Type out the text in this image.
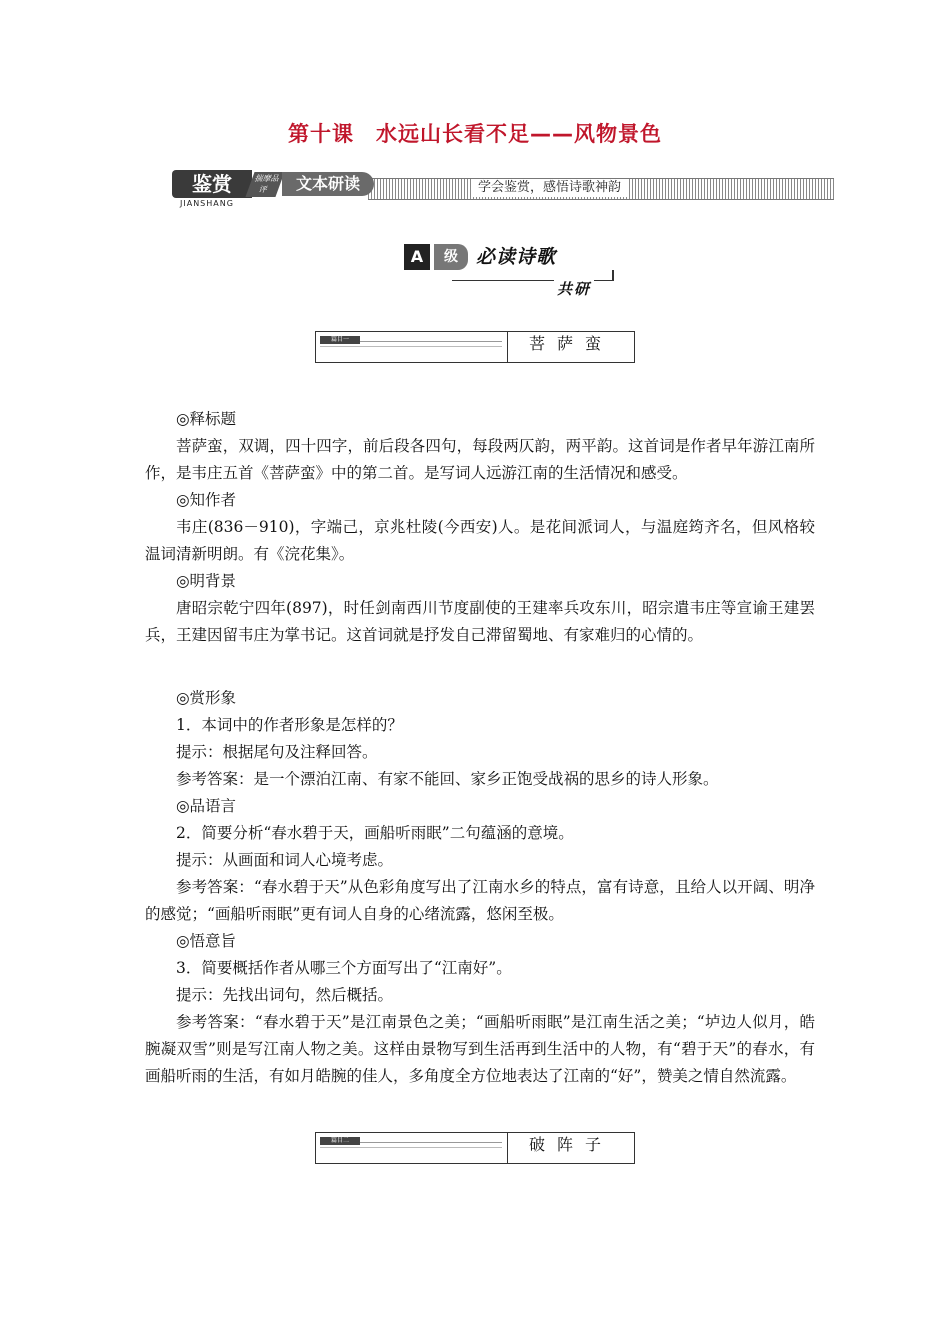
第十课　水远山长看不足——风物景色
鉴赏
JIANSHANG
揣摩品评	文本研读	学会鉴赏，感悟诗歌神韵
A	级 必读诗歌
共研
篇目一	菩萨蛮

◎释标题

菩萨蛮，双调，四十四字，前后段各四句，每段两仄韵，两平韵。这首词是作者早年游江南所作，是韦庄五首《菩萨蛮》中的第二首。是写词人远游江南的生活情况和感受。

◎知作者

韦庄(836－910)，字端己，京兆杜陵(今西安)人。是花间派词人，与温庭筠齐名，但风格较温词清新明朗。有《浣花集》。

◎明背景

唐昭宗乾宁四年(897)，时任剑南西川节度副使的王建率兵攻东川，昭宗遣韦庄等宣谕王建罢兵，王建因留韦庄为掌书记。这首词就是抒发自己滞留蜀地、有家难归的心情的。

◎赏形象

1．本词中的作者形象是怎样的？

提示：根据尾句及注释回答。

参考答案：是一个漂泊江南、有家不能回、家乡正饱受战祸的思乡的诗人形象。

◎品语言

2．简要分析“春水碧于天，画船听雨眠”二句蕴涵的意境。

提示：从画面和词人心境考虑。

参考答案：“春水碧于天”从色彩角度写出了江南水乡的特点，富有诗意，且给人以开阔、明净的感觉；“画船听雨眠”更有词人自身的心绪流露，悠闲至极。

◎悟意旨

3．简要概括作者从哪三个方面写出了“江南好”。

提示：先找出词句，然后概括。

参考答案：“春水碧于天”是江南景色之美；“画船听雨眠”是江南生活之美；“垆边人似月，皓腕凝双雪”则是写江南人物之美。这样由景物写到生活再到生活中的人物，有“碧于天”的春水，有画船听雨的生活，有如月皓腕的佳人，多角度全方位地表达了江南的“好”，赞美之情自然流露。

篇目二	破阵子
